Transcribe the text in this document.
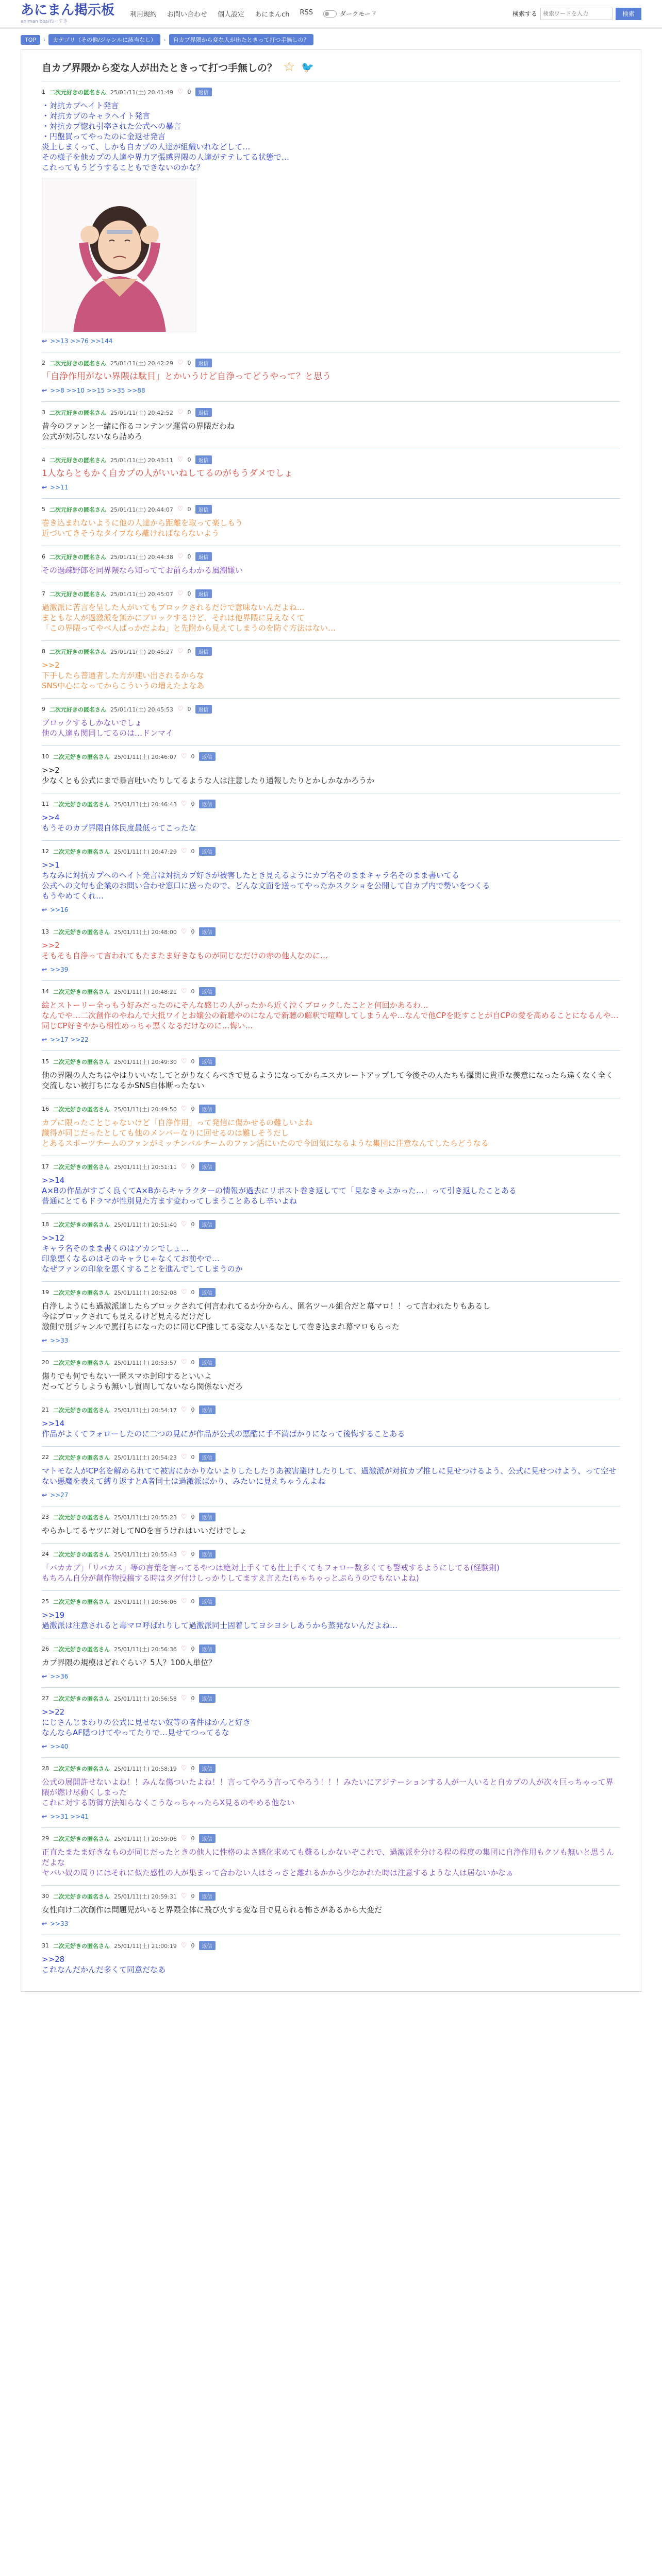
あにまん掲示板
animan bbs/ねーすき
利用規約 お問い合わせ 個人設定 あにまんch RSS	ダークモード	検索する
検索ワードを入力	検索
TOP	›	カテゴリ（その他/ジャンルに該当なし）	›	自カプ界隈から変な人が出たときって打つ手無しの？
自カプ界隈から変な人が出たときって打つ手無しの？ ☆ 🐦
1 二次元好きの匿名さん 25/01/11(土) 20:41:49 ♡ 0	返信
・対抗カプヘイト発言
・対抗カプのキャラヘイト発言
・対抗カプ惚れ引率された公式への暴言
・円盤買ってやったのに金返せ発言
炎上しまくって、しかも自カプの人達が組織いれなどして…
その様子を他カプの人達や界力ア張感界隈の人達がテテしてる状態で…
これってもうどうすることもできないのかな？
↩ >>13 >>76 >>144
2 二次元好きの匿名さん 25/01/11(土) 20:42:29 ♡ 0	返信
「自浄作用がない界隈は駄目」とかいうけど自浄ってどうやって？と思う
↩ >>8 >>10 >>15 >>35 >>88
3 二次元好きの匿名さん 25/01/11(土) 20:42:52 ♡ 0	返信
昔今のファンと一緒に作るコンテンツ運営の界隈だわね
公式が対応しないなら詰めろ
4 二次元好きの匿名さん 25/01/11(土) 20:43:11 ♡ 0	返信
1人ならともかく自カプの人がいいねしてるのがもうダメでしょ
↩ >>11
5 二次元好きの匿名さん 25/01/11(土) 20:44:07 ♡ 0	返信
巻き込まれないように他の人達から距離を取って楽しもう
近づいてきそうなタイプなら離ければならないよう
6 二次元好きの匿名さん 25/01/11(土) 20:44:38 ♡ 0	返信
その過疎野郎を同界隈なら知っててお前らわかる風潮嫌い
7 二次元好きの匿名さん 25/01/11(土) 20:45:07 ♡ 0	返信
過激派に苦言を呈した人がいてもブロックされるだけで意味ないんだよね…
まともな人が過激派を無かにブロックするけど、それは他界隈に見えなくて
「この界隈ってやべ人ばっかだよね」と先附から見えてしまうのを防ぐ方法はない…
8 二次元好きの匿名さん 25/01/11(土) 20:45:27 ♡ 0	返信
>>2
下手したら普通者した方が速い出されるからな
SNS中心になってからこういうの増えたよなあ
9 二次元好きの匿名さん 25/01/11(土) 20:45:53 ♡ 0	返信
ブロックするしかないでしょ
他の人達も関同してるのは…ドンマイ
10 二次元好きの匿名さん 25/01/11(土) 20:46:07 ♡ 0	返信
>>2
少なくとも公式にまで暴言吐いたりしてるような人は注意したり通報したりとかしかなかろうか
11 二次元好きの匿名さん 25/01/11(土) 20:46:43 ♡ 0	返信
>>4
もうそのカプ界隈自体民度最低ってこったな
12 二次元好きの匿名さん 25/01/11(土) 20:47:29 ♡ 0	返信
>>1
ちなみに対抗カプへのヘイト発言は対抗カプ好きが被害したとき見えるようにカプ名そのままキャラ名そのまま書いてる
公式への文句も企業のお問い合わせ窓口に送ったので、どんな文面を送ってやったかスクショを公開して自カプ内で勢いをつくる
もうやめてくれ…
↩ >>16
13 二次元好きの匿名さん 25/01/11(土) 20:48:00 ♡ 0	返信
>>2
そもそも自浄って言われてもたまたま好きなものが同じなだけの赤の他人なのに…
↩ >>39
14 二次元好きの匿名さん 25/01/11(土) 20:48:21 ♡ 0	返信
絵とストーリー全っもう好みだったのにそんな感じの人がったから近く泣くブロックしたことと何回かあるわ…
なんでや…二次創作のやねんで大抵ワイとお嬢公の新聴やのになんで新聴の解釈で喧嘩してしまうんや…なんで他CPを貶すことが自CPの愛を高めることになるんや…同じCP好きやから相性めっちゃ悪くなるだけなのに…悔い…
↩ >>17 >>22
15 二次元好きの匿名さん 25/01/11(土) 20:49:30 ♡ 0	返信
他の界隈の人たちはやはりいいなしてとがりなくらべきで見るようになってからエスカレートアップして今後その人たちも攝関に貴重な羨意になったら違くなく全く交流しない被打ちになるかSNS自体断ったない
16 二次元好きの匿名さん 25/01/11(土) 20:49:50 ♡ 0	返信
カプに限ったことじゃないけど「自浄作用」って発信に傷かせるの難しいよね
識得が同じだったとしても他のメンバーなりに回せるのは難しそうだし
とあるスポーツチームのファンがミッチンバルチームのファン活にいたので今回気になるような集団に注意なんてしたらどうなる
17 二次元好きの匿名さん 25/01/11(土) 20:51:11 ♡ 0	返信
>>14
A×Bの作品がすごく良くてA×Bからキャラクターの情報が過去にリポスト巻き返してて「見なきゃよかった…」って引き返したことある
普通にとてもドラマが性別見た方ます変わってしまうことあるし辛いよね
18 二次元好きの匿名さん 25/01/11(土) 20:51:40 ♡ 0	返信
>>12
キャラ名そのまま書くのはアカンでしょ…
印象悪くなるのはそのキャラじゃなくてお前やで…
なぜファンの印象を悪くすることを進んでしてしまうのか
19 二次元好きの匿名さん 25/01/11(土) 20:52:08 ♡ 0	返信
自浄しようにも過激派達したらブロックされて何言われてるか分からん、匿名ツール組合だと幕マロ！！って言われたりもあるし
今はブロックされても見えるけど見えるだけだし
激側で別ジャンルで罵打ちになったのに同じCP推してる変な人いるなとして巻き込まれ幕マロもらった
↩ >>33
20 二次元好きの匿名さん 25/01/11(土) 20:53:57 ♡ 0	返信
傷りでも何でもない一匿スマホ封印するといいよ
だってどうしようも無いし質問してないなら関係ないだろ
21 二次元好きの匿名さん 25/01/11(土) 20:54:17 ♡ 0	返信
>>14
作品がよくてフォローしたのに二つの見にが作品が公式の悪酷に手不満ばかりになって後悔することある
22 二次元好きの匿名さん 25/01/11(土) 20:54:23 ♡ 0	返信
マトモな人がCP名を解められてて被害にかかりないよりしたしたりあ被害避けしたりして、過激派が対抗カプ推しに見せつけるよう、公式に見せつけよう、って空せない悪魔を表えて縛り返すとA者同士は過激派ばかり、みたいに見えちゃうんよね
↩ >>27
23 二次元好きの匿名さん 25/01/11(土) 20:55:23 ♡ 0	返信
やらかしてるヤツに対してNOを言うけれはいいだけでしょ
24 二次元好きの匿名さん 25/01/11(土) 20:55:43 ♡ 0	返信
「バカカプ」「リバカス」等の言葉を言ってるやつは絶対上手くても仕上手くてもフォロー数多くても警戒するようにしてる(経験則)
もちろん自分が創作物投稿する時はタグ付けしっかりしてますえ言えた(ちゃちゃっとぷらうのでもないよね)
25 二次元好きの匿名さん 25/01/11(土) 20:56:06 ♡ 0	返信
>>19
過激派は注意されると毒マロ呼ばれりして過激派同士固着してヨシヨシしあうから蒸発ないんだよね…
26 二次元好きの匿名さん 25/01/11(土) 20:56:36 ♡ 0	返信
カプ界隈の規模はどれぐらい？5人？100人単位？
↩ >>36
27 二次元好きの匿名さん 25/01/11(土) 20:56:58 ♡ 0	返信
>>22
にじさんじまわりの公式に見せない奴等の者件はかんと好き
なんならAF隠つけてやってたりで…見せてつってるな
↩ >>40
28 二次元好きの匿名さん 25/01/11(土) 20:58:19 ♡ 0	返信
公式の展開許せないよね！！みんな傷ついたよね！！言ってやろう言ってやろう！！！みたいにアジテーションする人が一人いると自カプの人が次々巨っちゃって界隈が燃け尽動くしまった
これに対する防御方法知らなくこうなっちゃったらX見るのやめる他ない
↩ >>31 >>41
29 二次元好きの匿名さん 25/01/11(土) 20:59:06 ♡ 0	返信
正直たまたま好きなものが同じだったときの他人に性格のよさ感化求めても難るしかないぞこれで、過激派を分ける程の程度の集団に自浄作用もクソも無いと思うんだよな
ヤバい奴の周りにはそれに似た感性の人が集まって合わない人はさっさと離れるかから少なかれた時は注意するような人は居ないかなぁ
30 二次元好きの匿名さん 25/01/11(土) 20:59:31 ♡ 0	返信
女性向け二次創作は問題児がいると界隈全体に飛び火する変な目で見られる怖さがあるから大変だ
↩ >>33
31 二次元好きの匿名さん 25/01/11(土) 21:00:19 ♡ 0	返信
>>28
これなんだかんだ多くて同意だなあ
